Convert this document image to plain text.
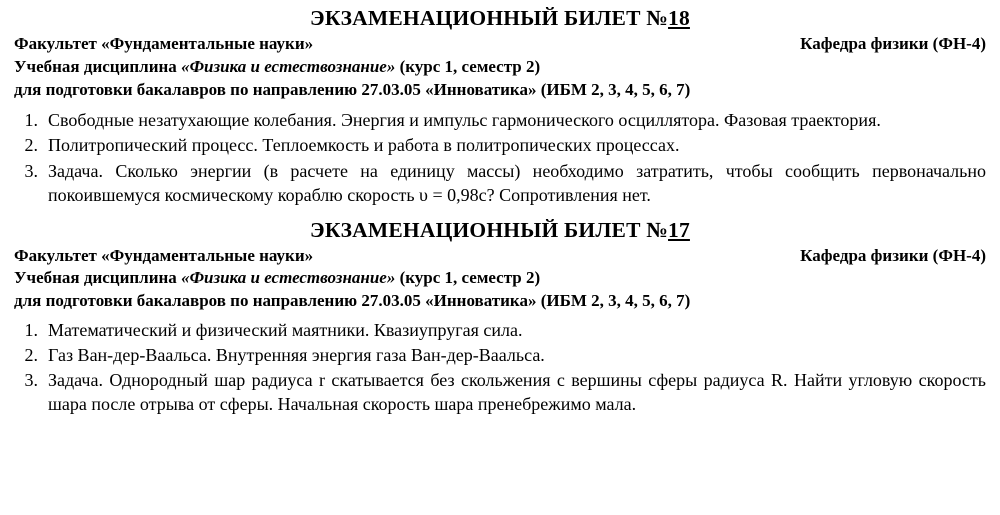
ЭКЗАМЕНАЦИОННЫЙ БИЛЕТ №18
Факультет «Фундаментальные науки»	Кафедра физики (ФН-4)
Учебная дисциплина «Физика и естествознание» (курс 1, семестр 2)
для подготовки бакалавров по направлению 27.03.05 «Инноватика» (ИБМ 2, 3, 4, 5, 6, 7)
1. Свободные незатухающие колебания. Энергия и импульс гармонического осциллятора. Фазовая траектория.
2. Политропический процесс. Теплоемкость и работа в политропических процессах.
3. Задача. Сколько энергии (в расчете на единицу массы) необходимо затратить, чтобы сообщить первоначально покоившемуся космическому кораблю скорость υ = 0,98c? Сопротивления нет.
ЭКЗАМЕНАЦИОННЫЙ БИЛЕТ №17
Факультет «Фундаментальные науки»	Кафедра физики (ФН-4)
Учебная дисциплина «Физика и естествознание» (курс 1, семестр 2)
для подготовки бакалавров по направлению 27.03.05 «Инноватика» (ИБМ 2, 3, 4, 5, 6, 7)
1. Математический и физический маятники. Квазиупругая сила.
2. Газ Ван-дер-Ваальса. Внутренняя энергия газа Ван-дер-Ваальса.
3. Задача. Однородный шар радиуса r скатывается без скольжения с вершины сферы радиуса R. Найти угловую скорость шара после отрыва от сферы. Начальная скорость шара пренебрежимо мала.
